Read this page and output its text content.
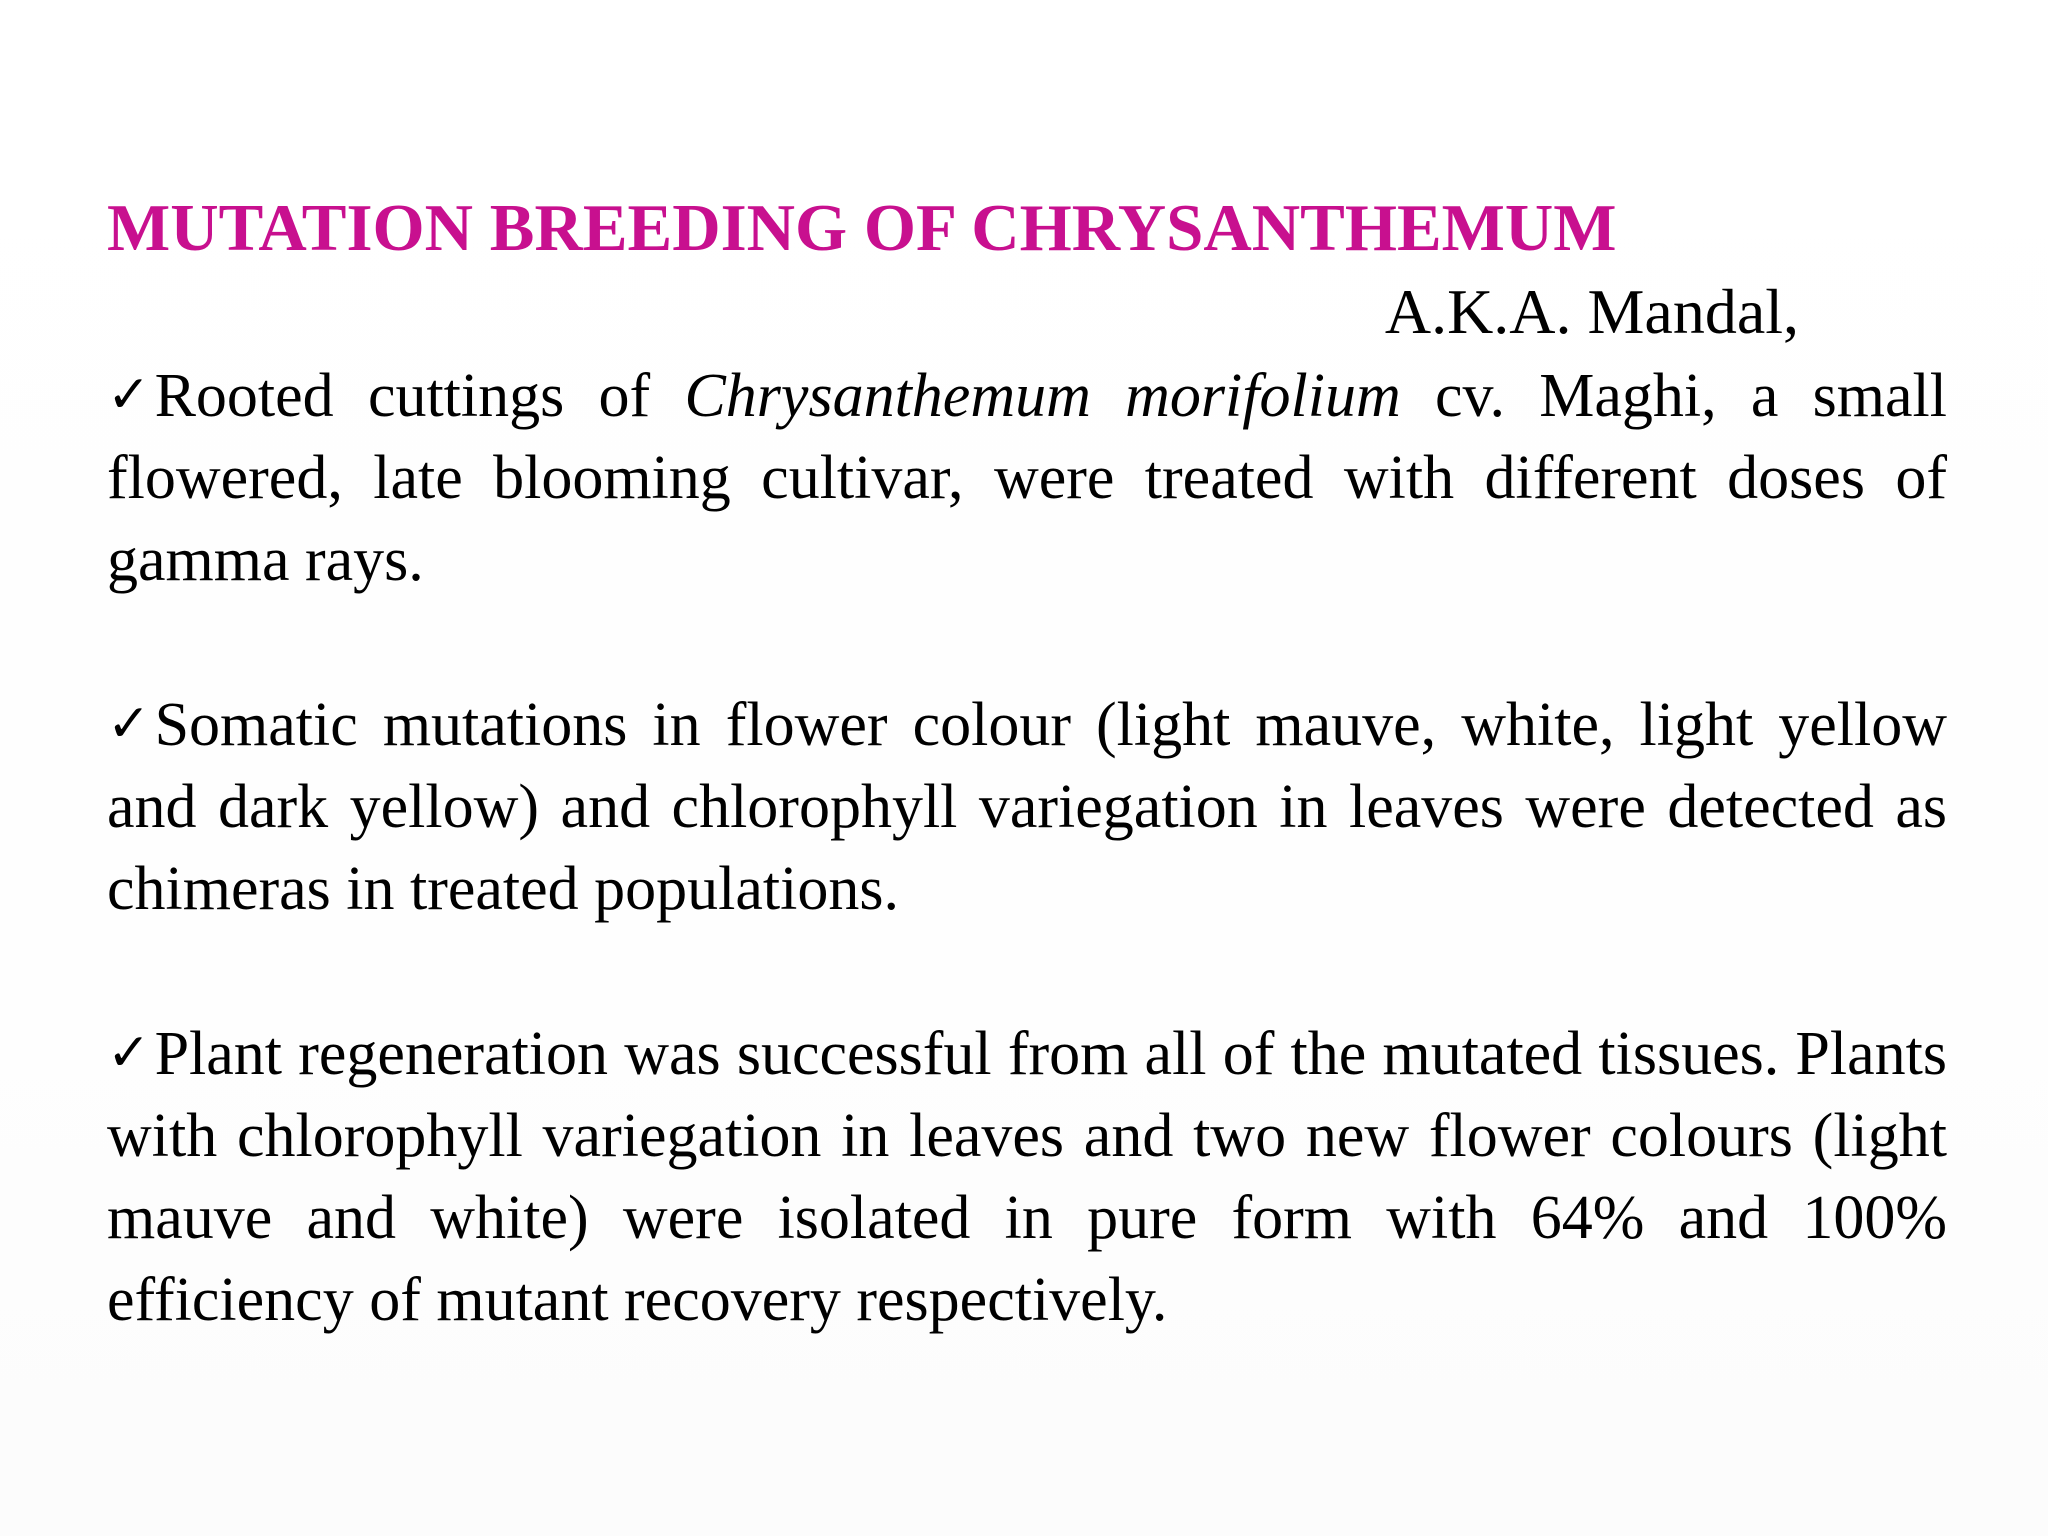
MUTATION BREEDING OF CHRYSANTHEMUM
A.K.A. Mandal,

✓Rooted cuttings of Chrysanthemum morifolium cv. Maghi, a small flowered, late blooming cultivar, were treated with different doses of gamma rays.

✓Somatic mutations in flower colour (light mauve, white, light yellow and dark yellow) and chlorophyll variegation in leaves were detected as chimeras in treated populations.

✓Plant regeneration was successful from all of the mutated tissues. Plants with chlorophyll variegation in leaves and two new flower colours (light mauve and white) were isolated in pure form with 64% and 100% efficiency of mutant recovery respectively.
